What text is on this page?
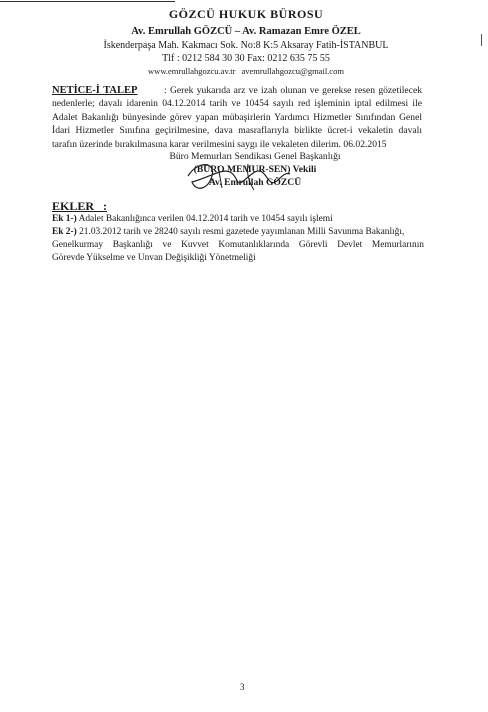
GÖZCÜ HUKUK BÜROSU
Av. Emrullah GÖZCÜ – Av. Ramazan Emre ÖZEL
İskenderpaşa Mah. Kakmacı Sok. No:8 K:5 Aksaray Fatih-İSTANBUL
Tlf : 0212 584 30 30 Fax: 0212 635 75 55
www.emrullahgozcu.av.tr avemrullahgozcu@gmail.com
NETİCE-İ TALEP	: Gerek yukarıda arz ve izah olunan ve gerekse resen gözetilecek
nedenlerle; davalı idarenin 04.12.2014 tarih ve 10454 sayılı red işleminin iptal edilmesi ile
Adalet Bakanlığı bünyesinde görev yapan mübaşirlerin Yardımcı Hizmetler Sınıfından Genel
İdari Hizmetler Sınıfına geçirilmesine, dava masraflarıyla birlikte ücret-i vekaletin davalı
tarafın üzerinde bırakılmasına karar verilmesini saygı ile vekaleten dilerim. 06.02.2015
Büro Memurları Sendikası Genel Başkanlığı
(BÜRO MEMUR-SEN) Vekili
Av. Emrullah GÖZCÜ
EKLER :
Ek 1-) Adalet Bakanlığınca verilen 04.12.2014 tarih ve 10454 sayılı işlemi
Ek 2-) 21.03.2012 tarih ve 28240 sayılı resmi gazetede yayımlanan Milli Savunma Bakanlığı,
Genelkurmay Başkanlığı ve Kuvvet Komutanlıklarında Görevli Devlet Memurlarının
Görevde Yükselme ve Unvan Değişikliği Yönetmeliği
3
